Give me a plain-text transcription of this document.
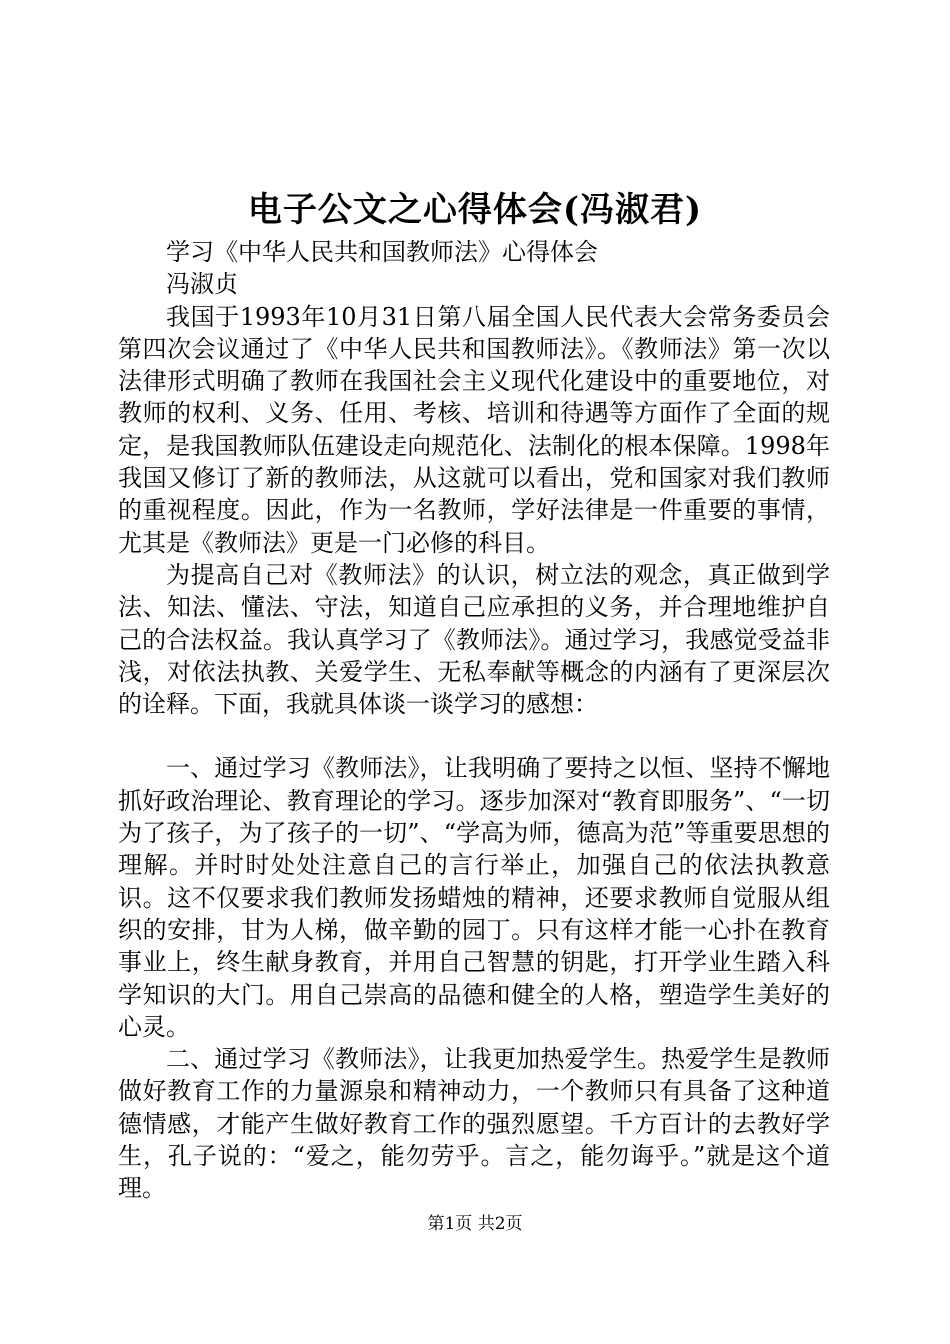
电子公文之心得体会(冯淑君)

学习《中华人民共和国教师法》心得体会

冯淑贞

我国于1993年10月31日第八届全国人民代表大会常务委员会第四次会议通过了《中华人民共和国教师法》。《教师法》第一次以法律形式明确了教师在我国社会主义现代化建设中的重要地位，对教师的权利、义务、任用、考核、培训和待遇等方面作了全面的规定，是我国教师队伍建设走向规范化、法制化的根本保障。1998年我国又修订了新的教师法，从这就可以看出，党和国家对我们教师的重视程度。因此，作为一名教师，学好法律是一件重要的事情，尤其是《教师法》更是一门必修的科目。

为提高自己对《教师法》的认识，树立法的观念，真正做到学法、知法、懂法、守法，知道自己应承担的义务，并合理地维护自己的合法权益。我认真学习了《教师法》。通过学习，我感觉受益非浅，对依法执教、关爱学生、无私奉献等概念的内涵有了更深层次的诠释。下面，我就具体谈一谈学习的感想：

一、通过学习《教师法》，让我明确了要持之以恒、坚持不懈地抓好政治理论、教育理论的学习。逐步加深对“教育即服务”、“一切为了孩子，为了孩子的一切”、“学高为师，德高为范”等重要思想的理解。并时时处处注意自己的言行举止，加强自己的依法执教意识。这不仅要求我们教师发扬蜡烛的精神，还要求教师自觉服从组织的安排，甘为人梯，做辛勤的园丁。只有这样才能一心扑在教育事业上，终生献身教育，并用自己智慧的钥匙，打开学业生踏入科学知识的大门。用自己崇高的品德和健全的人格，塑造学生美好的心灵。

二、通过学习《教师法》，让我更加热爱学生。热爱学生是教师做好教育工作的力量源泉和精神动力，一个教师只有具备了这种道德情感，才能产生做好教育工作的强烈愿望。千方百计的去教好学生，孔子说的：“爱之，能勿劳乎。言之，能勿诲乎。”就是这个道理。

第1页 共2页
